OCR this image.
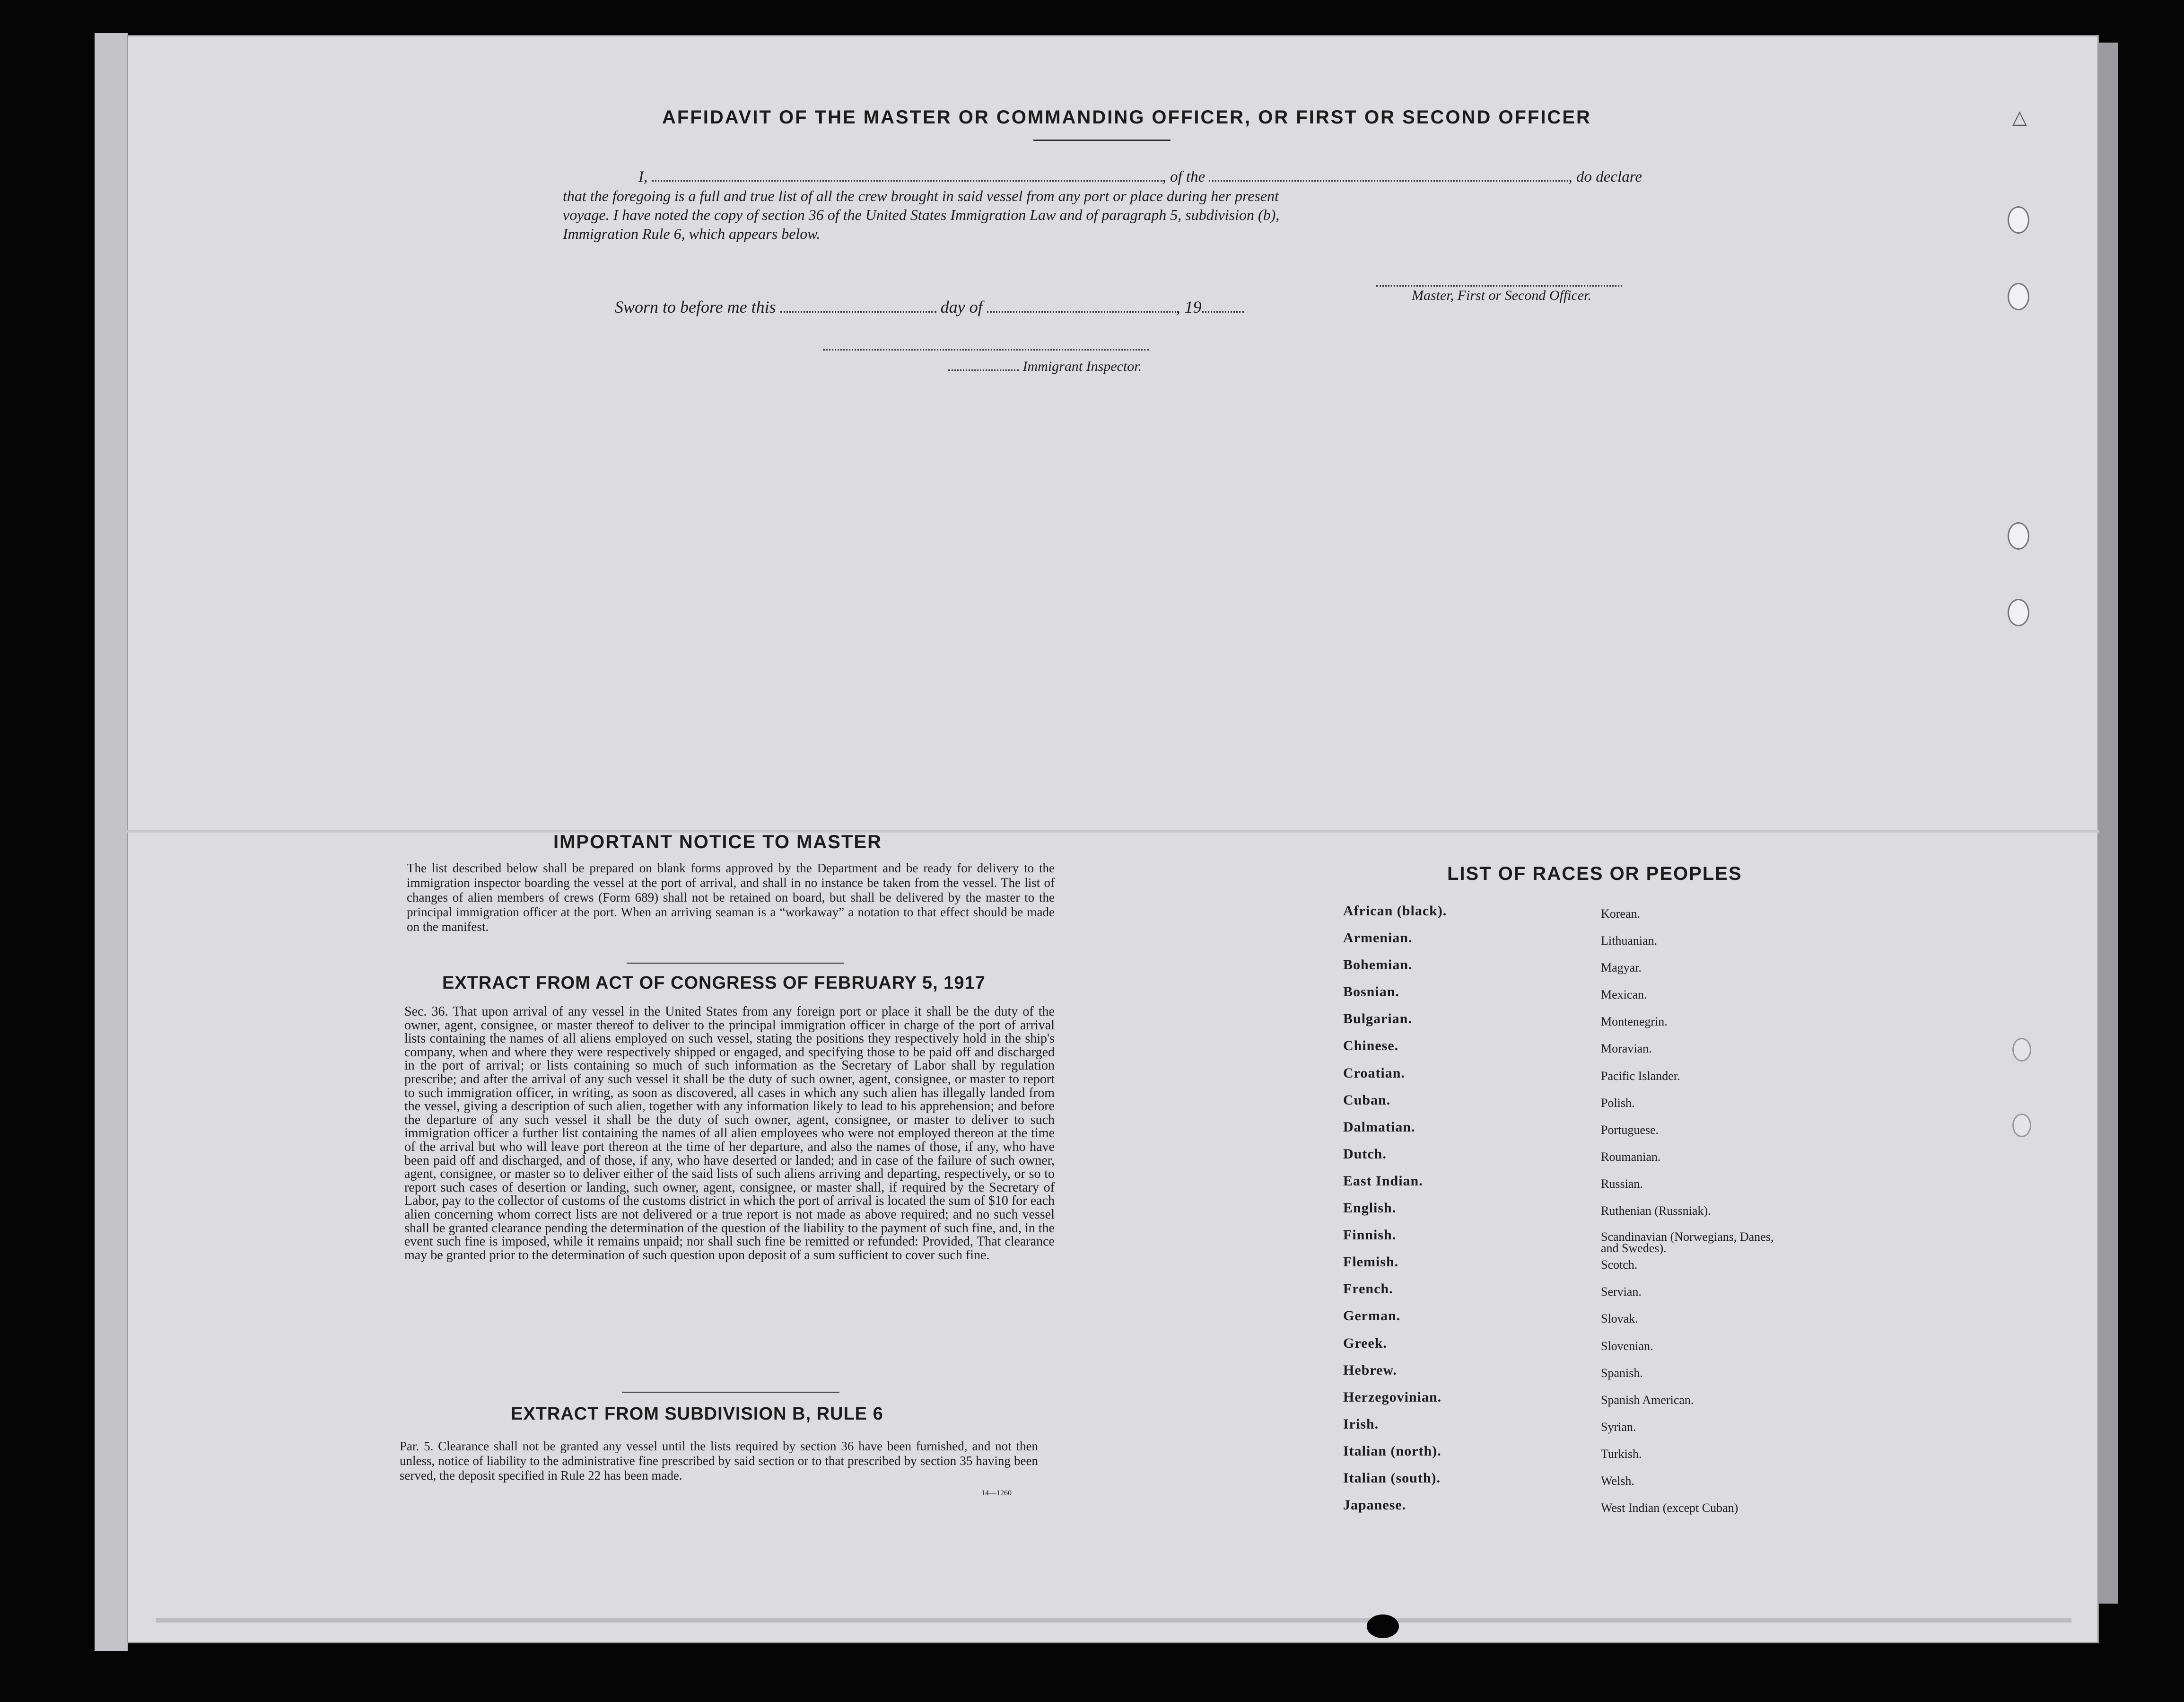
△
AFFIDAVIT OF THE MASTER OR COMMANDING OFFICER, OR FIRST OR SECOND OFFICER
I,	, of the	, do declare
that the foregoing is a full and true list of all the crew brought in said vessel from any port or place during her present
voyage. I have noted the copy of section 36 of the United States Immigration Law and of paragraph 5, subdivision (b),
Immigration Rule 6, which appears below.
Master, First or Second Officer.
Sworn to before me this	day of	, 19
Immigrant Inspector.
IMPORTANT NOTICE TO MASTER
The list described below shall be prepared on blank forms approved by the Department and be ready for delivery to the immigration inspector boarding the vessel at the port of arrival, and shall in no instance be taken from the vessel. The list of changes of alien members of crews (Form 689) shall not be retained on board, but shall be delivered by the master to the principal immigration officer at the port. When an arriving seaman is a “workaway” a notation to that effect should be made on the manifest.
EXTRACT FROM ACT OF CONGRESS OF FEBRUARY 5, 1917
Sec. 36. That upon arrival of any vessel in the United States from any foreign port or place it shall be the duty of the owner, agent, consignee, or master thereof to deliver to the principal immigration officer in charge of the port of arrival lists containing the names of all aliens employed on such vessel, stating the positions they respectively hold in the ship's company, when and where they were respectively shipped or engaged, and specifying those to be paid off and discharged in the port of arrival; or lists containing so much of such information as the Secretary of Labor shall by regulation prescribe; and after the arrival of any such vessel it shall be the duty of such owner, agent, consignee, or master to report to such immigration officer, in writing, as soon as discovered, all cases in which any such alien has illegally landed from the vessel, giving a description of such alien, together with any information likely to lead to his apprehension; and before the departure of any such vessel it shall be the duty of such owner, agent, consignee, or master to deliver to such immigration officer a further list containing the names of all alien employees who were not employed thereon at the time of the arrival but who will leave port thereon at the time of her departure, and also the names of those, if any, who have been paid off and discharged, and of those, if any, who have deserted or landed; and in case of the failure of such owner, agent, consignee, or master so to deliver either of the said lists of such aliens arriving and departing, respectively, or so to report such cases of desertion or landing, such owner, agent, consignee, or master shall, if required by the Secretary of Labor, pay to the collector of customs of the customs district in which the port of arrival is located the sum of $10 for each alien concerning whom correct lists are not delivered or a true report is not made as above required; and no such vessel shall be granted clearance pending the determination of the question of the liability to the payment of such fine, and, in the event such fine is imposed, while it remains unpaid; nor shall such fine be remitted or refunded: Provided, That clearance may be granted prior to the determination of such question upon deposit of a sum sufficient to cover such fine.
EXTRACT FROM SUBDIVISION B, RULE 6
Par. 5. Clearance shall not be granted any vessel until the lists required by section 36 have been furnished, and not then unless, notice of liability to the administrative fine prescribed by said section or to that prescribed by section 35 having been served, the deposit specified in Rule 22 has been made.
14—1260
LIST OF RACES OR PEOPLES
African (black).
Armenian.
Bohemian.
Bosnian.
Bulgarian.
Chinese.
Croatian.
Cuban.
Dalmatian.
Dutch.
East Indian.
English.
Finnish.
Flemish.
French.
German.
Greek.
Hebrew.
Herzegovinian.
Irish.
Italian (north).
Italian (south).
Japanese.
Korean.
Lithuanian.
Magyar.
Mexican.
Montenegrin.
Moravian.
Pacific Islander.
Polish.
Portuguese.
Roumanian.
Russian.
Ruthenian (Russniak).
Scandinavian (Norwegians, Danes, and Swedes).
Scotch.
Servian.
Slovak.
Slovenian.
Spanish.
Spanish American.
Syrian.
Turkish.
Welsh.
West Indian (except Cuban)
